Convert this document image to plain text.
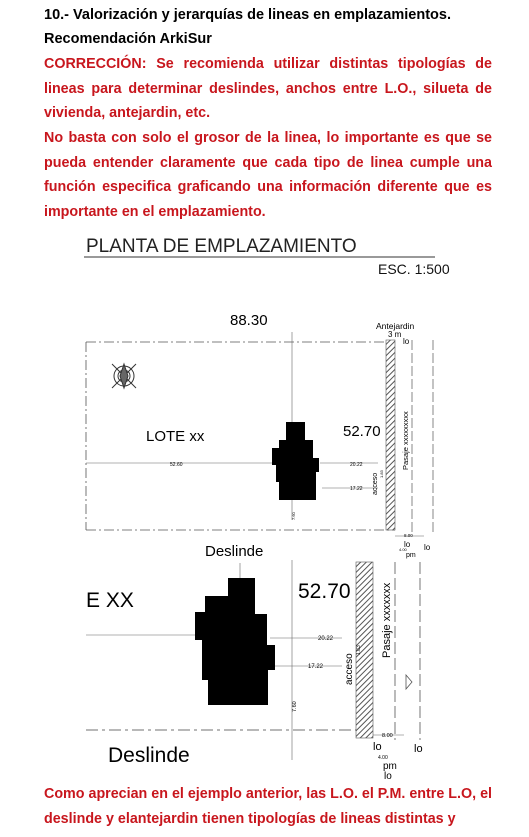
10.- Valorización y jerarquías de lineas en emplazamientos.
Recomendación ArkiSur
CORRECCIÓN: Se recomienda utilizar distintas tipologías de lineas para determinar deslindes, anchos entre L.O., silueta de vivienda, antejardin, etc.
No basta con solo el grosor de la linea, lo importante es que se pueda entender claramente que cada tipo de linea cumple una función especifica graficando una información diferente que es importante en el emplazamiento.
PLANTA DE EMPLAZAMIENTO
ESC. 1:500
88.30	Antejardin
3 m
lo
52.60	20.22
17.22
LOTE xx	52.70	Pasaje xxxxxxxxx
acceso 1.83
7.60
8.00
lo lo
4.00
pm
Deslinde
E XX	52.70	Pasaje xxxxxxx
acceso
1.83
20.22
17.22
7.60
8.00
lo	lo
4.00
pm
lo
Deslinde
Como aprecian en el ejemplo anterior, las L.O. el P.M. entre L.O, el deslinde y elantejardin tienen tipologías de lineas distintas y
